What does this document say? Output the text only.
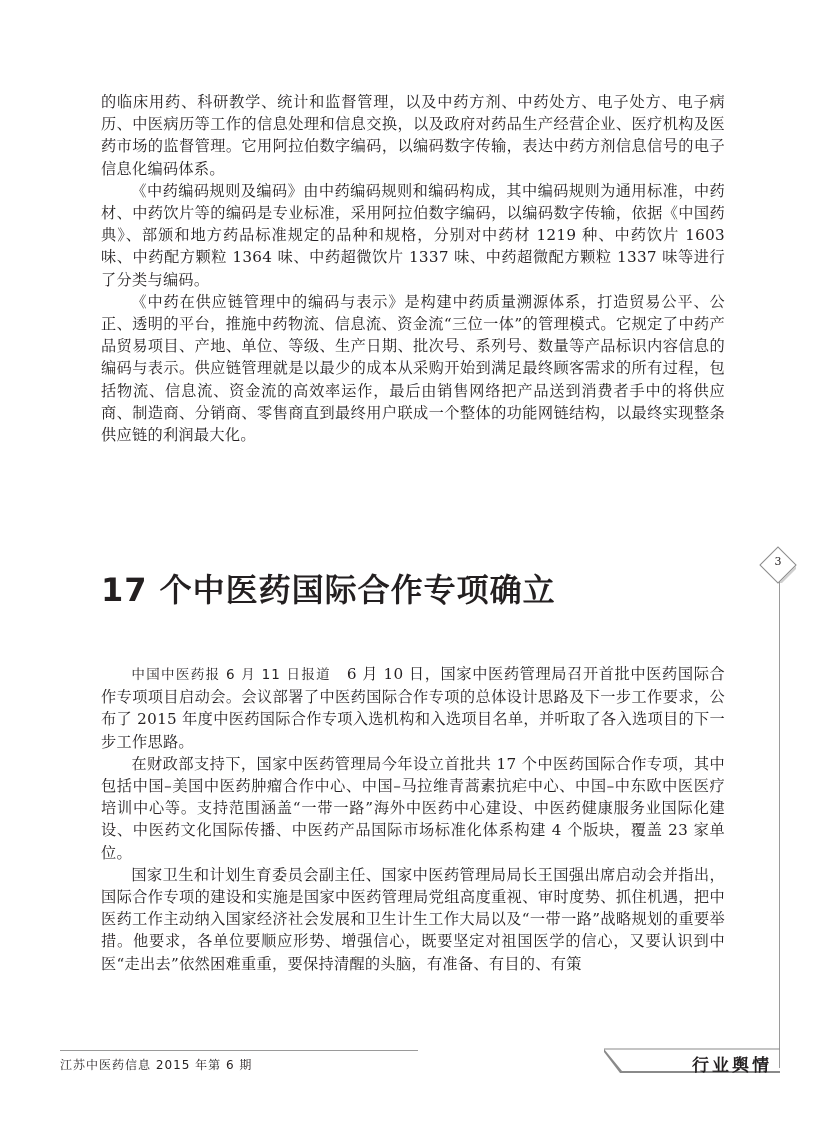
的临床用药、科研教学、统计和监督管理，以及中药方剂、中药处方、电子处方、电子病历、中医病历等工作的信息处理和信息交换，以及政府对药品生产经营企业、医疗机构及医药市场的监督管理。它用阿拉伯数字编码，以编码数字传输，表达中药方剂信息信号的电子信息化编码体系。

《中药编码规则及编码》由中药编码规则和编码构成，其中编码规则为通用标准，中药材、中药饮片等的编码是专业标准，采用阿拉伯数字编码，以编码数字传输，依据《中国药典》、部颁和地方药品标准规定的品种和规格，分别对中药材 1219 种、中药饮片 1603 味、中药配方颗粒 1364 味、中药超微饮片 1337 味、中药超微配方颗粒 1337 味等进行了分类与编码。

《中药在供应链管理中的编码与表示》是构建中药质量溯源体系，打造贸易公平、公正、透明的平台，推施中药物流、信息流、资金流“三位一体”的管理模式。它规定了中药产品贸易项目、产地、单位、等级、生产日期、批次号、系列号、数量等产品标识内容信息的编码与表示。供应链管理就是以最少的成本从采购开始到满足最终顾客需求的所有过程，包括物流、信息流、资金流的高效率运作，最后由销售网络把产品送到消费者手中的将供应商、制造商、分销商、零售商直到最终用户联成一个整体的功能网链结构，以最终实现整条供应链的利润最大化。

3
17 个中医药国际合作专项确立

中国中医药报 6 月 11 日报道　 6 月 10 日，国家中医药管理局召开首批中医药国际合作专项项目启动会。会议部署了中医药国际合作专项的总体设计思路及下一步工作要求，公布了 2015 年度中医药国际合作专项入选机构和入选项目名单，并听取了各入选项目的下一步工作思路。

在财政部支持下，国家中医药管理局今年设立首批共 17 个中医药国际合作专项，其中包括中国–美国中医药肿瘤合作中心、中国–马拉维青蒿素抗疟中心、中国–中东欧中医医疗培训中心等。支持范围涵盖“一带一路”海外中医药中心建设、中医药健康服务业国际化建设、中医药文化国际传播、中医药产品国际市场标准化体系构建 4 个版块，覆盖 23 家单位。

国家卫生和计划生育委员会副主任、国家中医药管理局局长王国强出席启动会并指出，国际合作专项的建设和实施是国家中医药管理局党组高度重视、审时度势、抓住机遇，把中医药工作主动纳入国家经济社会发展和卫生计生工作大局以及“一带一路”战略规划的重要举措。他要求，各单位要顺应形势、增强信心，既要坚定对祖国医学的信心，又要认识到中医“走出去”依然困难重重，要保持清醒的头脑，有准备、有目的、有策

江苏中医药信息 2015 年第 6 期	行业舆情
